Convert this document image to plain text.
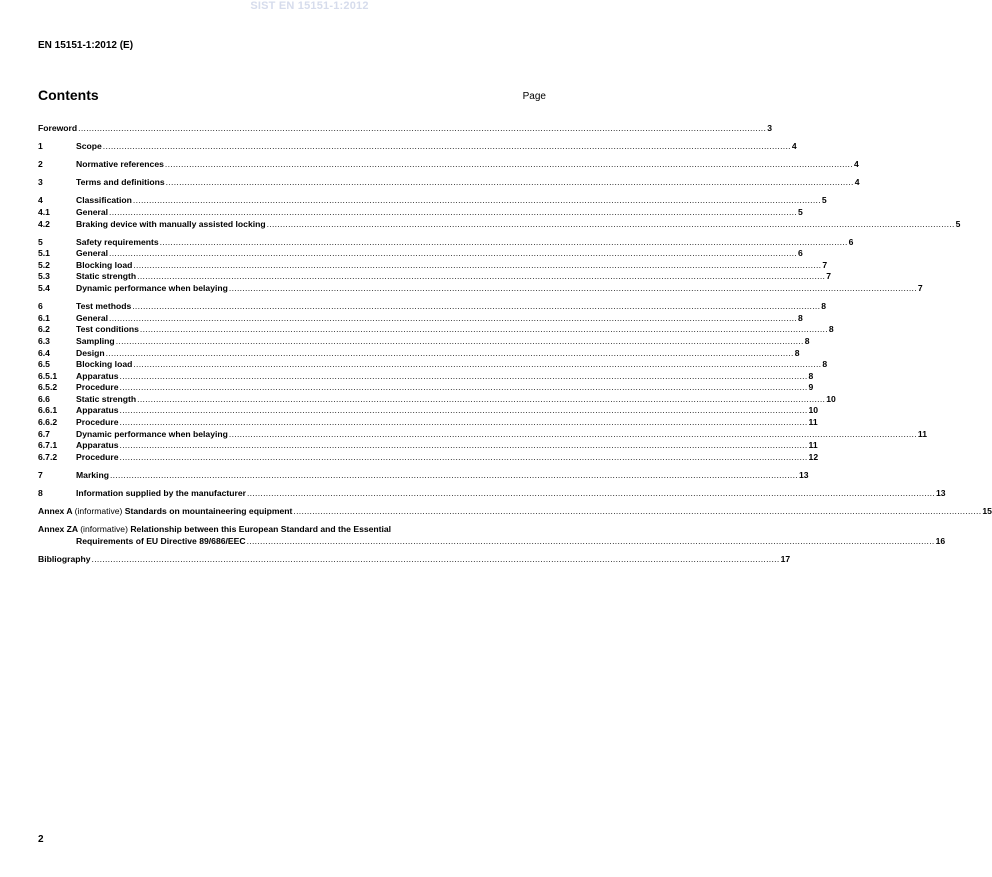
SIST EN 15151-1:2012
EN 15151-1:2012 (E)
Contents	Page
Foreword .....	3
1	Scope .....	4
2	Normative references .....	4
3	Terms and definitions .....	4
4	Classification .....	5
4.1	General .....	5
4.2	Braking device with manually assisted locking .....	5
5	Safety requirements .....	6
5.1	General .....	6
5.2	Blocking load .....	7
5.3	Static strength .....	7
5.4	Dynamic performance when belaying .....	7
6	Test methods .....	8
6.1	General .....	8
6.2	Test conditions .....	8
6.3	Sampling .....	8
6.4	Design .....	8
6.5	Blocking load .....	8
6.5.1	Apparatus .....	8
6.5.2	Procedure .....	9
6.6	Static strength .....	10
6.6.1	Apparatus .....	10
6.6.2	Procedure .....	11
6.7	Dynamic performance when belaying .....	11
6.7.1	Apparatus .....	11
6.7.2	Procedure .....	12
7	Marking .....	13
8	Information supplied by the manufacturer .....	13
Annex A (informative) Standards on mountaineering equipment .....	15
Annex ZA (informative) Relationship between this European Standard and the Essential
Requirements of EU Directive 89/686/EEC .....	16
Bibliography .....	17
2
